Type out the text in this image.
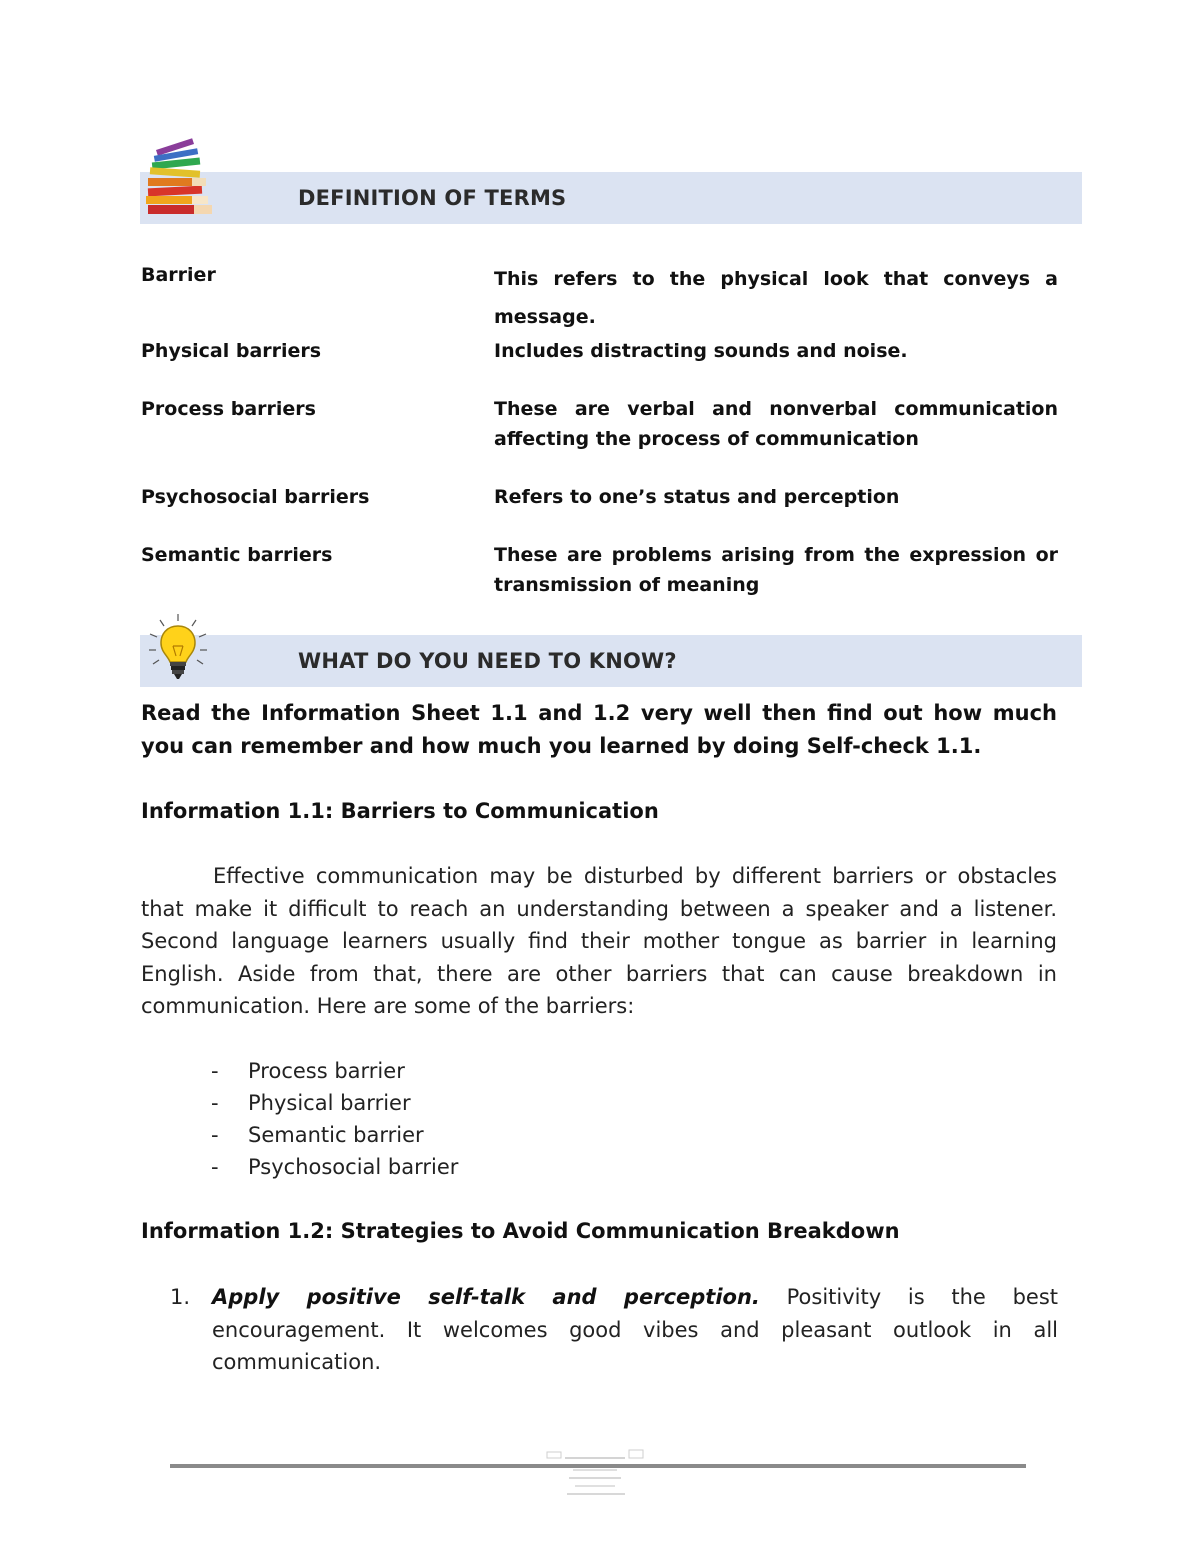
DEFINITION OF TERMS
Barrier	This refers to the physical look that conveys a message.
Physical barriers	Includes distracting sounds and noise.
Process barriers	These are verbal and nonverbal communication affecting the process of communication
Psychosocial barriers	Refers to one’s status and perception
Semantic barriers	These are problems arising from the expression or transmission of meaning
WHAT DO YOU NEED TO KNOW?
Read the Information Sheet 1.1 and 1.2 very well then find out how much you can remember and how much you learned by doing Self-check 1.1.
Information 1.1: Barriers to Communication
Effective communication may be disturbed by different barriers or obstacles that make it difficult to reach an understanding between a speaker and a listener. Second language learners usually find their mother tongue as barrier in learning English. Aside from that, there are other barriers that can cause breakdown in communication. Here are some of the barriers:
-	Process barrier
-	Physical barrier
-	Semantic barrier
-	Psychosocial barrier
Information 1.2: Strategies to Avoid Communication Breakdown
1.	Apply positive self-talk and perception. Positivity is the best encouragement. It welcomes good vibes and pleasant outlook in all communication.
